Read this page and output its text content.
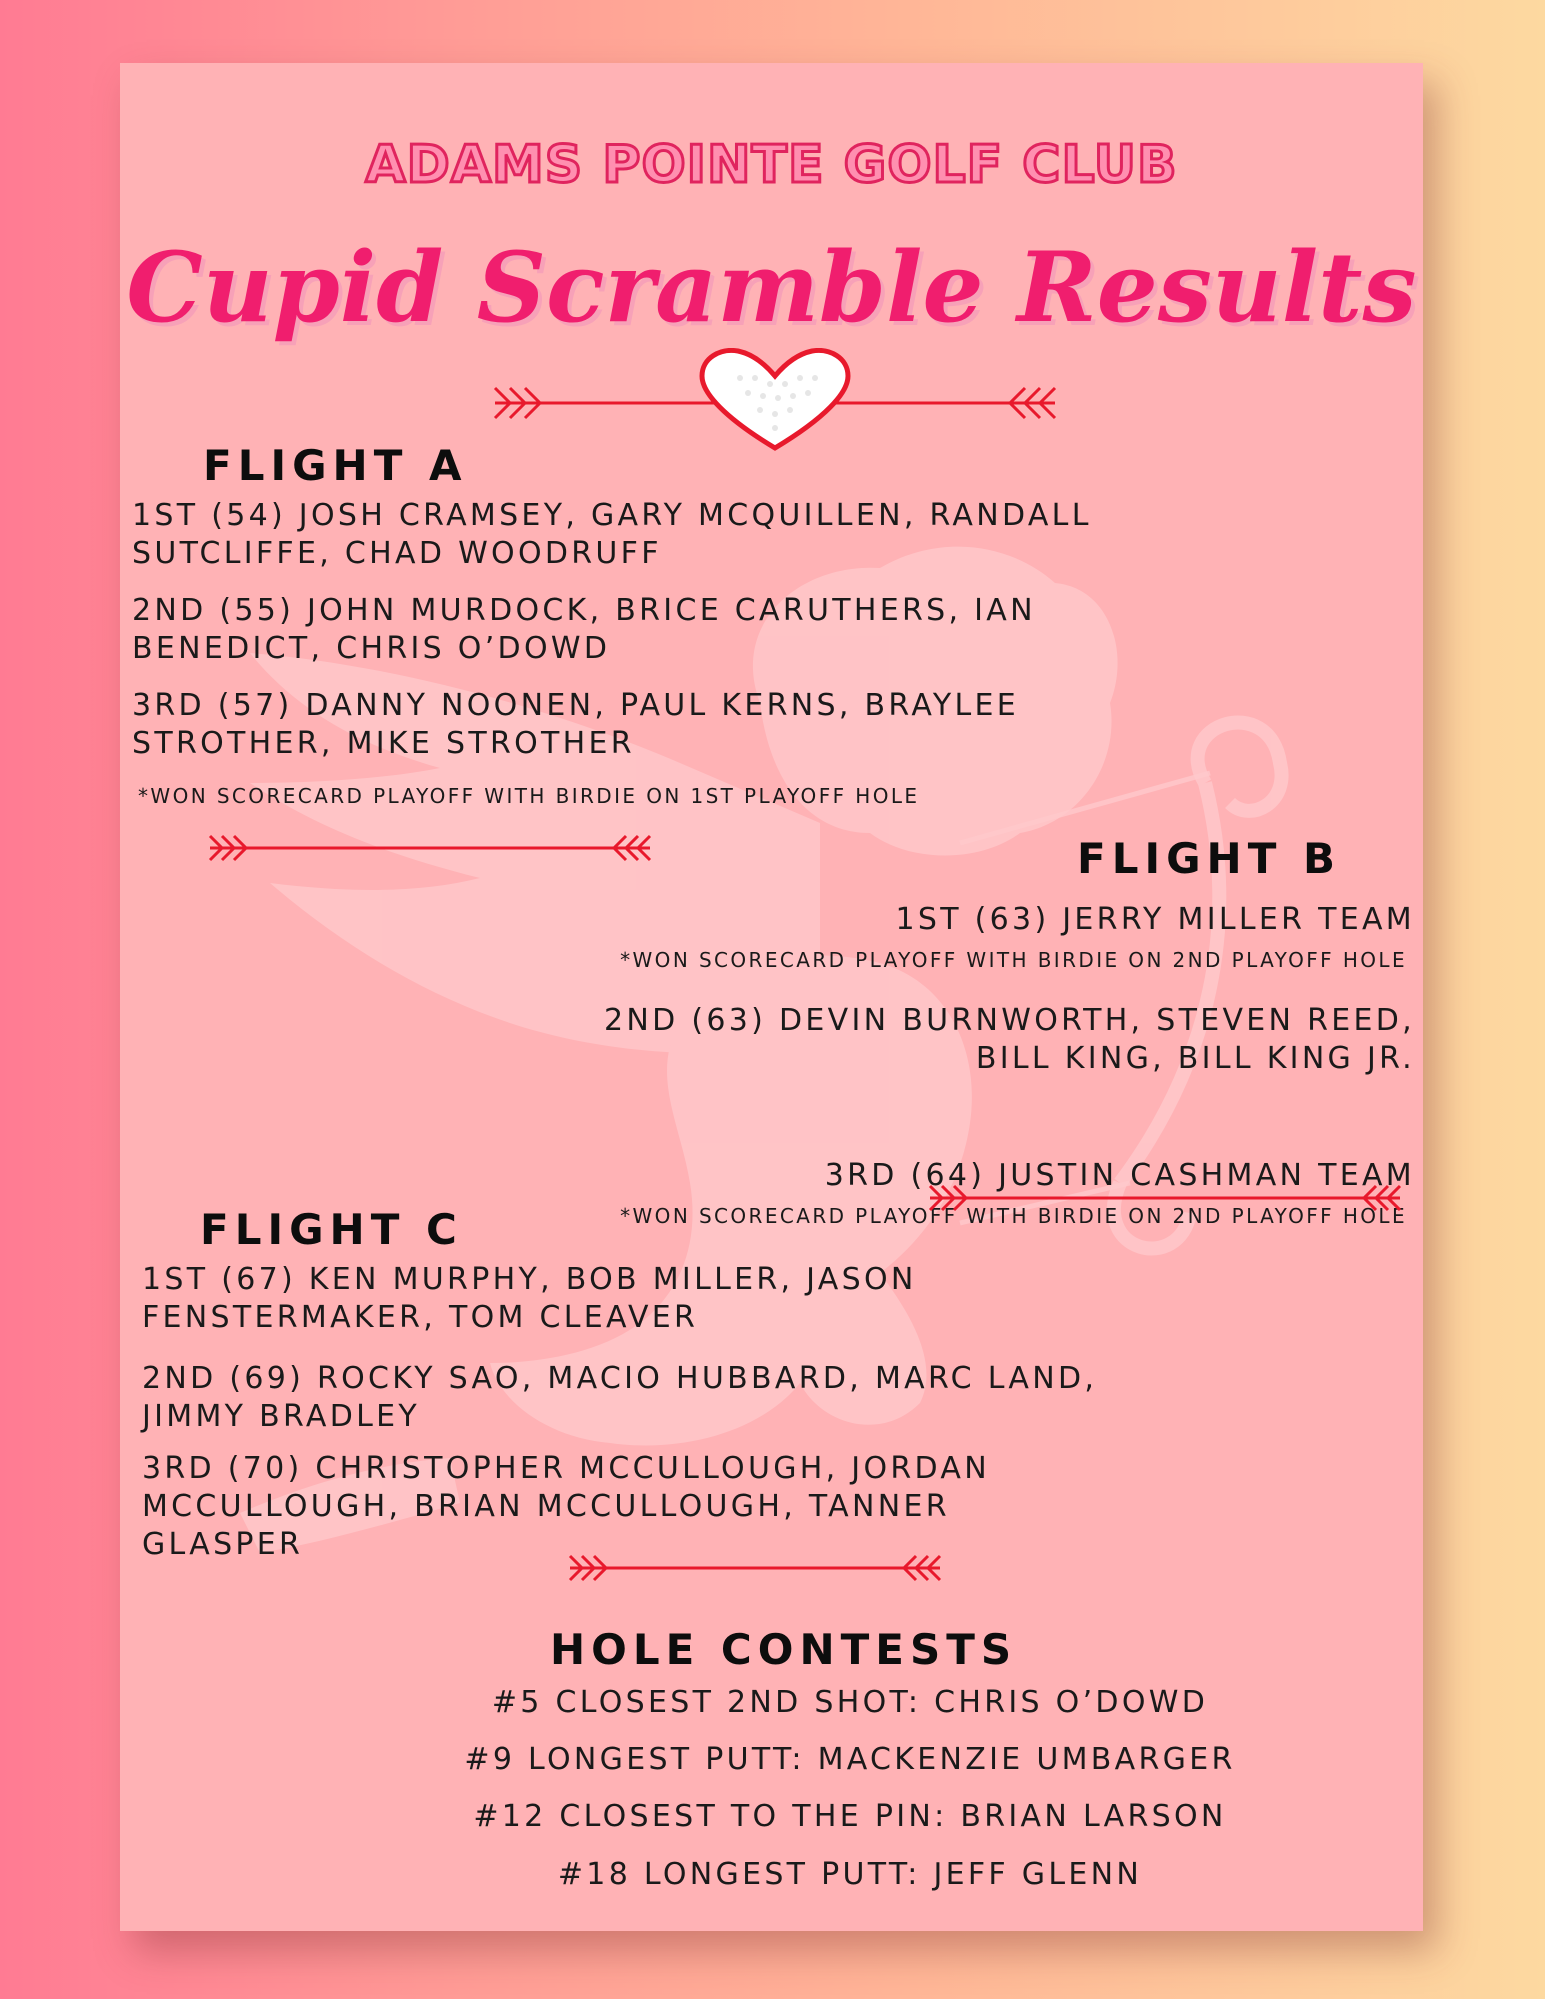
ADAMS POINTE GOLF CLUB
Cupid Scramble Results
FLIGHT A
1ST (54) JOSH CRAMSEY, GARY MCQUILLEN, RANDALL
SUTCLIFFE, CHAD WOODRUFF
2ND (55) JOHN MURDOCK, BRICE CARUTHERS, IAN
BENEDICT, CHRIS O’DOWD
3RD (57) DANNY NOONEN, PAUL KERNS, BRAYLEE
STROTHER, MIKE STROTHER
*WON SCORECARD PLAYOFF WITH BIRDIE ON 1ST PLAYOFF HOLE
FLIGHT B
1ST (63) JERRY MILLER TEAM
*WON SCORECARD PLAYOFF WITH BIRDIE ON 2ND PLAYOFF HOLE
2ND (63) DEVIN BURNWORTH, STEVEN REED,
BILL KING, BILL KING JR.
3RD (64) JUSTIN CASHMAN TEAM
*WON SCORECARD PLAYOFF WITH BIRDIE ON 2ND PLAYOFF HOLE
FLIGHT C
1ST (67) KEN MURPHY, BOB MILLER, JASON
FENSTERMAKER, TOM CLEAVER
2ND (69) ROCKY SAO, MACIO HUBBARD, MARC LAND,
JIMMY BRADLEY
3RD (70) CHRISTOPHER MCCULLOUGH, JORDAN
MCCULLOUGH, BRIAN MCCULLOUGH, TANNER
GLASPER
HOLE CONTESTS
#5 CLOSEST 2ND SHOT: CHRIS O’DOWD
#9 LONGEST PUTT: MACKENZIE UMBARGER
#12 CLOSEST TO THE PIN: BRIAN LARSON
#18 LONGEST PUTT: JEFF GLENN
